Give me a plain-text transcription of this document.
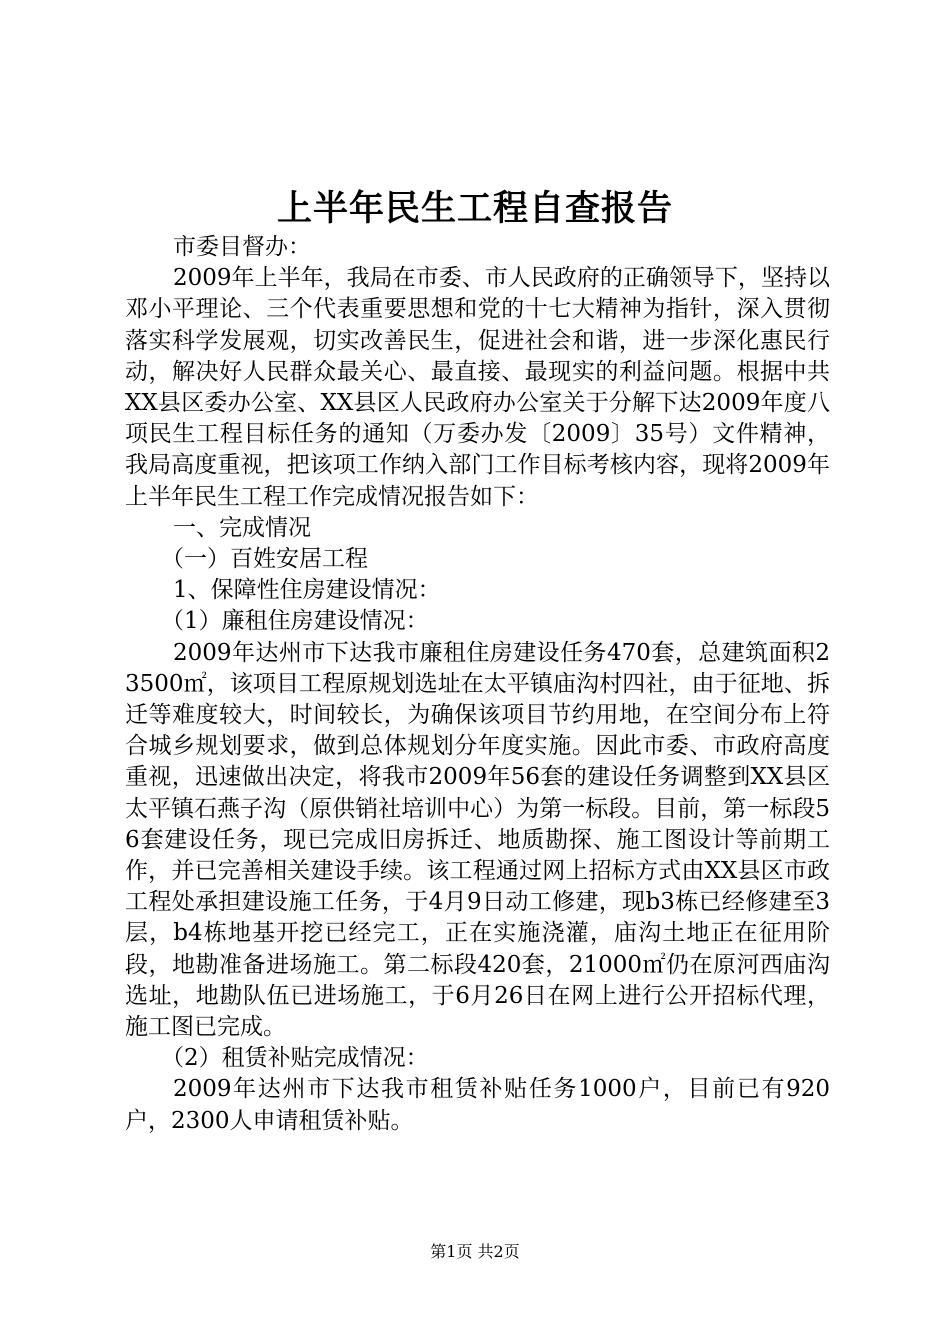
上半年民生工程自查报告

市委目督办：

2009年上半年，我局在市委、市人民政府的正确领导下，坚持以邓小平理论、三个代表重要思想和党的十七大精神为指针，深入贯彻落实科学发展观，切实改善民生，促进社会和谐，进一步深化惠民行动，解决好人民群众最关心、最直接、最现实的利益问题。根据中共XX县区委办公室、XX县区人民政府办公室关于分解下达2009年度八项民生工程目标任务的通知（万委办发〔2009〕35号）文件精神，我局高度重视，把该项工作纳入部门工作目标考核内容，现将2009年上半年民生工程工作完成情况报告如下：

一、完成情况

（一）百姓安居工程

1、保障性住房建设情况：

（1）廉租住房建设情况：

2009年达州市下达我市廉租住房建设任务470套，总建筑面积23500㎡，该项目工程原规划选址在太平镇庙沟村四社，由于征地、拆迁等难度较大，时间较长，为确保该项目节约用地，在空间分布上符合城乡规划要求，做到总体规划分年度实施。因此市委、市政府高度重视，迅速做出决定，将我市2009年56套的建设任务调整到XX县区太平镇石燕子沟（原供销社培训中心）为第一标段。目前，第一标段56套建设任务，现已完成旧房拆迁、地质勘探、施工图设计等前期工作，并已完善相关建设手续。该工程通过网上招标方式由XX县区市政工程处承担建设施工任务，于4月9日动工修建，现b3栋已经修建至3层，b4栋地基开挖已经完工，正在实施浇灌，庙沟土地正在征用阶段，地勘准备进场施工。第二标段420套，21000㎡仍在原河西庙沟选址，地勘队伍已进场施工，于6月26日在网上进行公开招标代理，施工图已完成。

（2）租赁补贴完成情况：

2009年达州市下达我市租赁补贴任务1000户，目前已有920户，2300人申请租赁补贴。

第1页 共2页
